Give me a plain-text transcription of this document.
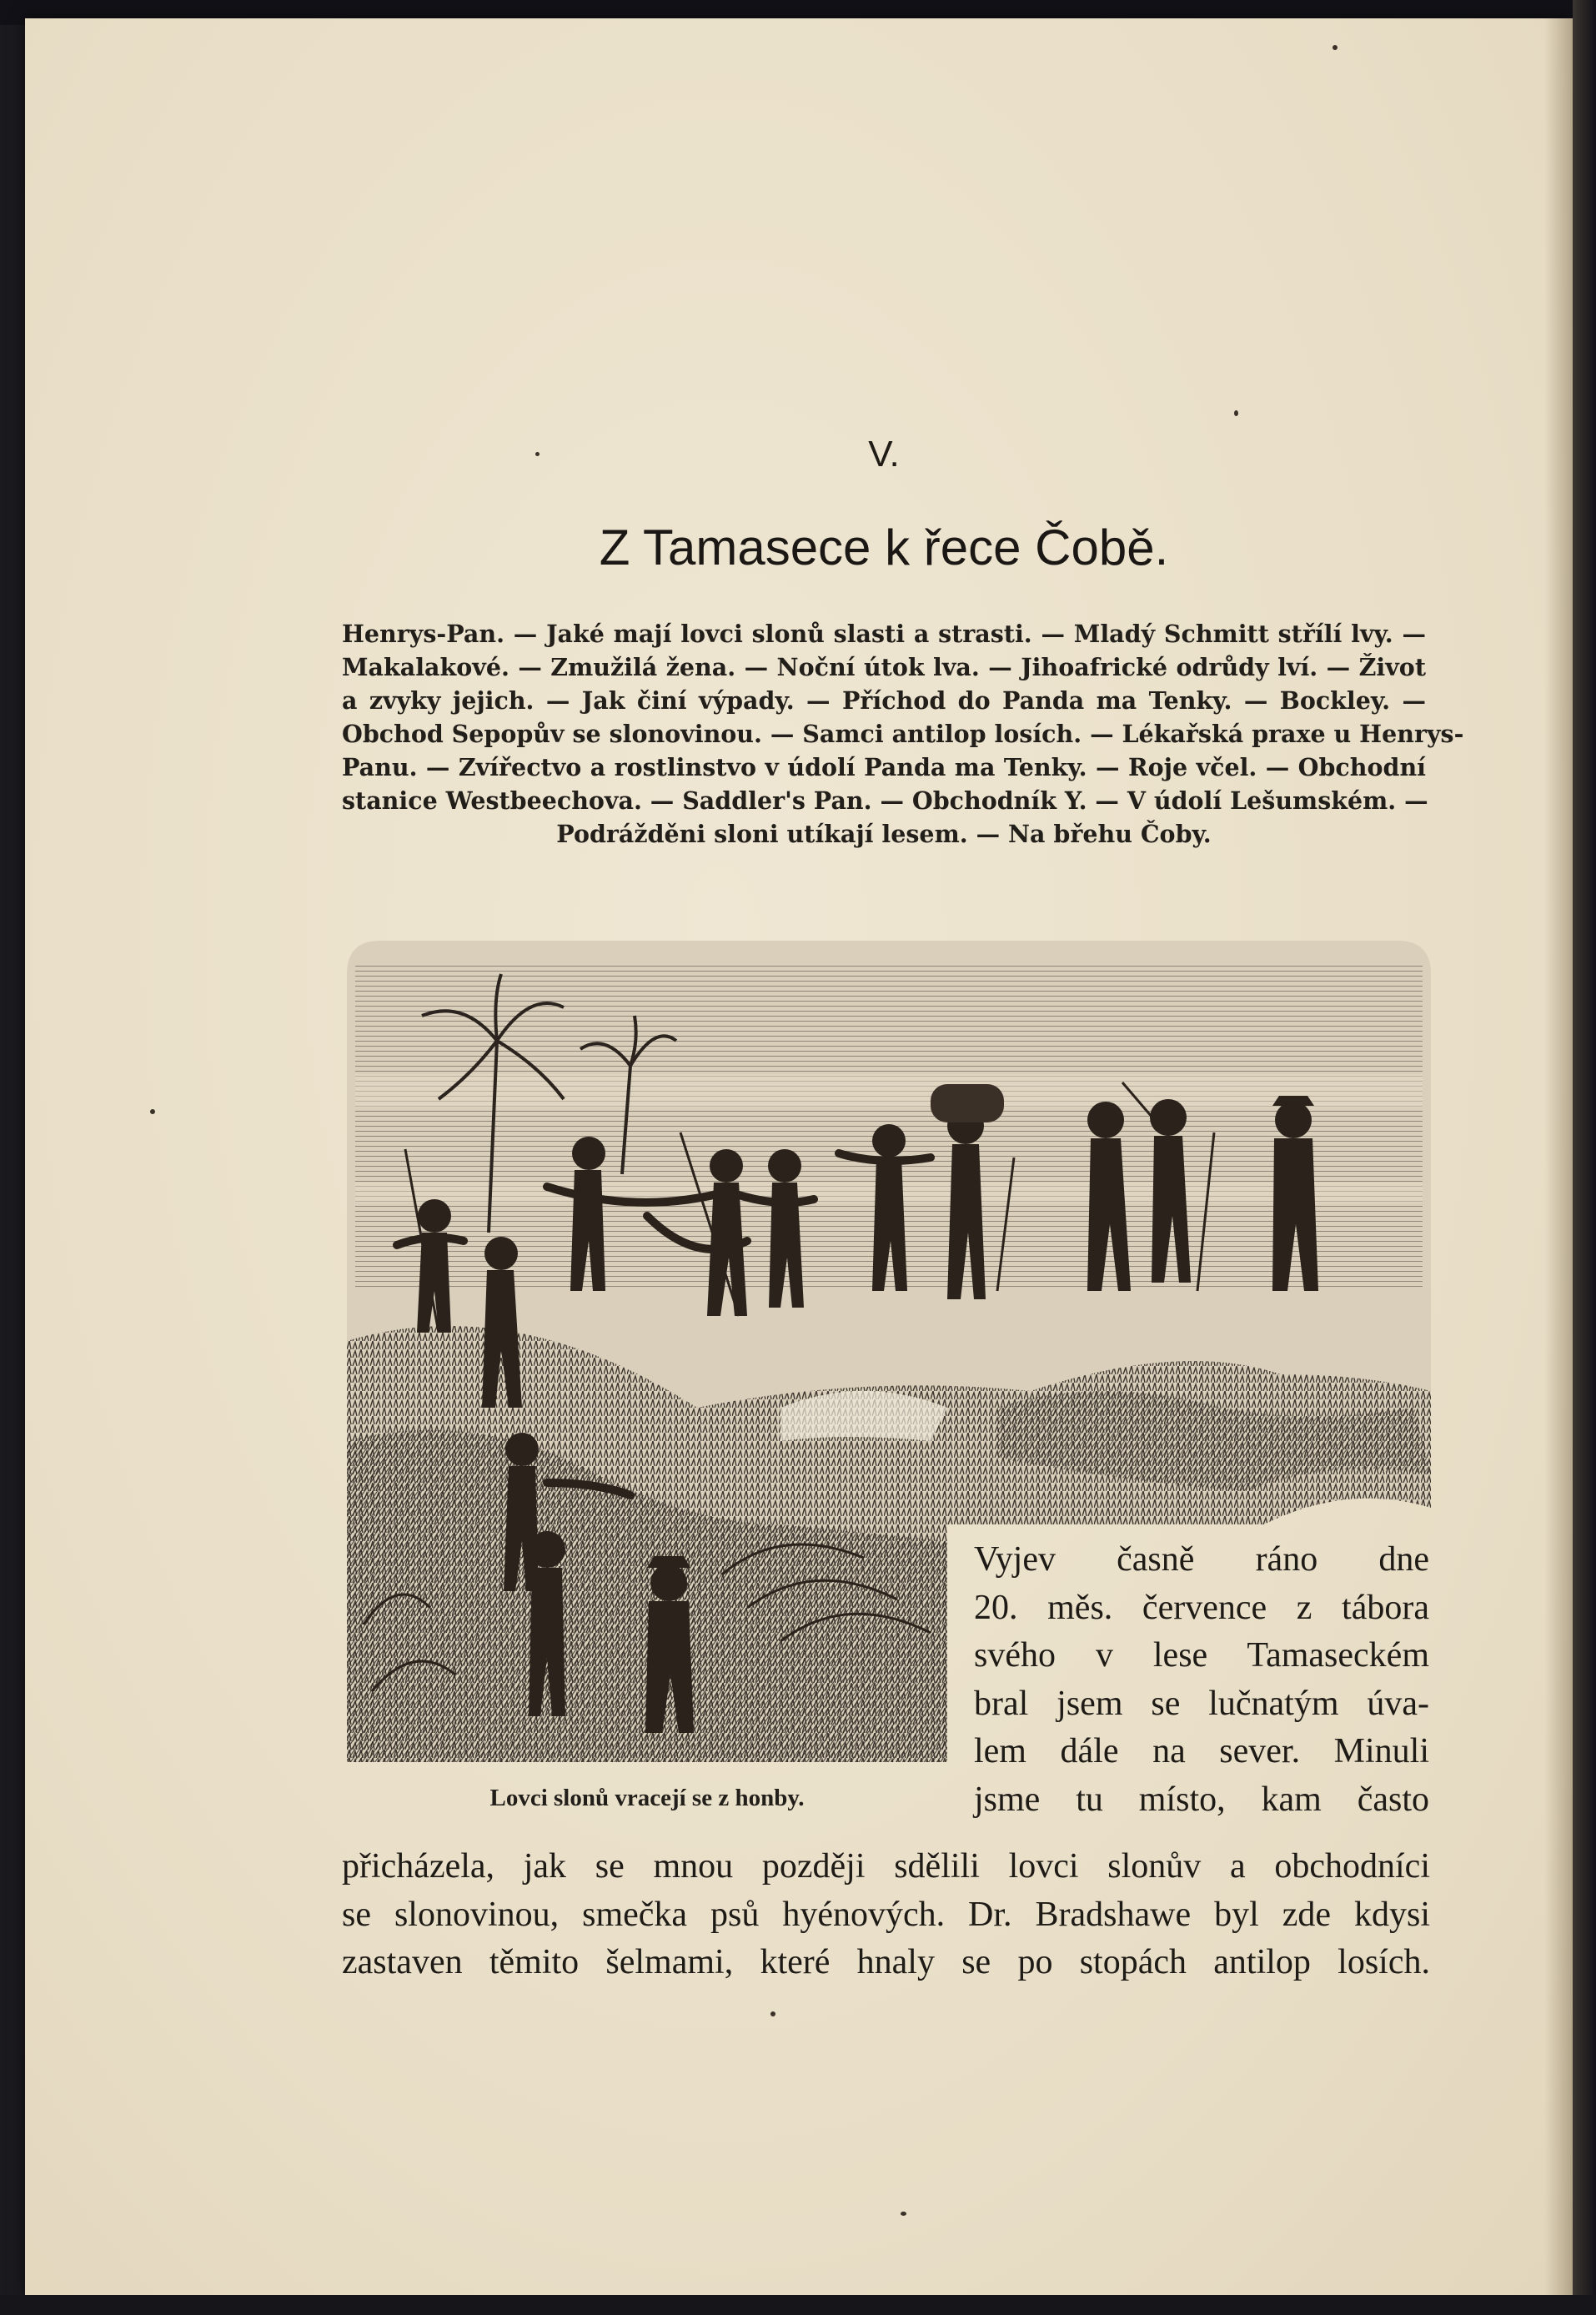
V.
Z Tamasece k řece Čobě.
Henrys-Pan. — Jaké mají lovci slonů slasti a strasti. — Mladý Schmitt střílí lvy. —
Makalakové. — Zmužilá žena. — Noční útok lva. — Jihoafrické odrůdy lví. — Život
a zvyky jejich. — Jak činí výpady. — Příchod do Panda ma Tenky. — Bockley. —
Obchod Sepopův se slonovinou. — Samci antilop losích. — Lékařská praxe u Henrys-
Panu. — Zvířectvo a rostlinstvo v údolí Panda ma Tenky. — Roje včel. — Obchodní
stanice Westbeechova. — Saddler's Pan. — Obchodník Y. — V údolí Lešumském. —
Podrážděni sloni utíkají lesem. — Na břehu Čoby.
Lovci slonů vracejí se z honby.
Vyjev časně ráno dne
20. měs. července z tábora
svého v lese Tamaseckém
bral jsem se lučnatým úva-
lem dále na sever. Minuli
jsme tu místo, kam často
přicházela, jak se mnou později sdělili lovci slonův a obchodníci
se slonovinou, smečka psů hyénových. Dr. Bradshawe byl zde kdysi
zastaven těmito šelmami, které hnaly se po stopách antilop losích.
